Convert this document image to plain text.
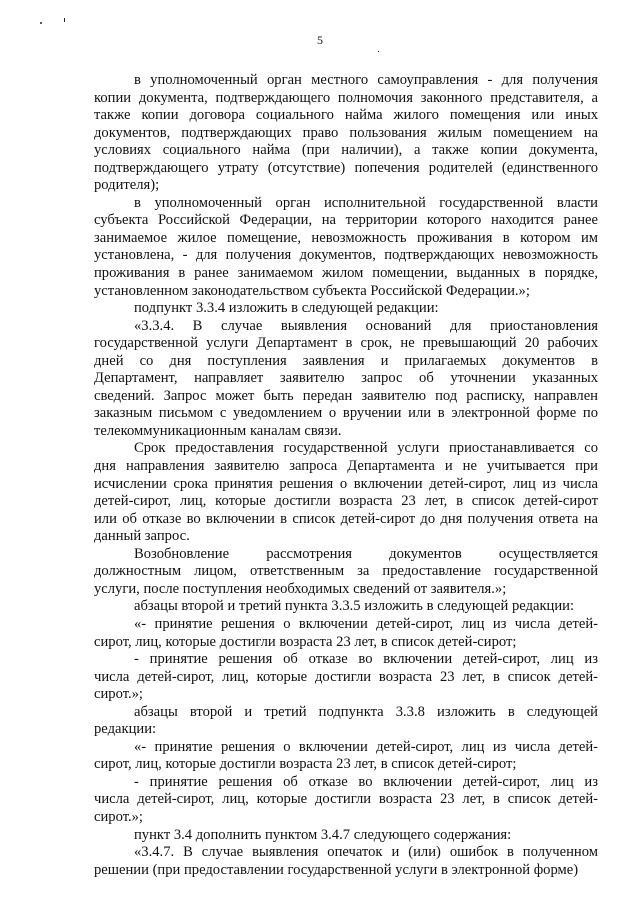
5
в уполномоченный орган местного самоуправления - для получения
копии документа, подтверждающего полномочия законного представителя, а
также копии договора социального найма жилого помещения или иных
документов, подтверждающих право пользования жилым помещением на
условиях социального найма (при наличии), а также копии документа,
подтверждающего утрату (отсутствие) попечения родителей (единственного
родителя);
в уполномоченный орган исполнительной государственной власти
субъекта Российской Федерации, на территории которого находится ранее
занимаемое жилое помещение, невозможность проживания в котором им
установлена, - для получения документов, подтверждающих невозможность
проживания в ранее занимаемом жилом помещении, выданных в порядке,
установленном законодательством субъекта Российской Федерации.»;
подпункт 3.3.4 изложить в следующей редакции:
«3.3.4. В случае выявления оснований для приостановления
государственной услуги Департамент в срок, не превышающий 20 рабочих
дней со дня поступления заявления и прилагаемых документов в
Департамент, направляет заявителю запрос об уточнении указанных
сведений. Запрос может быть передан заявителю под расписку, направлен
заказным письмом с уведомлением о вручении или в электронной форме по
телекоммуникационным каналам связи.
Срок предоставления государственной услуги приостанавливается со
дня направления заявителю запроса Департамента и не учитывается при
исчислении срока принятия решения о включении детей-сирот, лиц из числа
детей-сирот, лиц, которые достигли возраста 23 лет, в список детей-сирот
или об отказе во включении в список детей-сирот до дня получения ответа на
данный запрос.
Возобновление рассмотрения документов осуществляется
должностным лицом, ответственным за предоставление государственной
услуги, после поступления необходимых сведений от заявителя.»;
абзацы второй и третий пункта 3.3.5 изложить в следующей редакции:
«- принятие решения о включении детей-сирот, лиц из числа детей-
сирот, лиц, которые достигли возраста 23 лет, в список детей-сирот;
- принятие решения об отказе во включении детей-сирот, лиц из
числа детей-сирот, лиц, которые достигли возраста 23 лет, в список детей-
сирот.»;
абзацы второй и третий подпункта 3.3.8 изложить в следующей
редакции:
«- принятие решения о включении детей-сирот, лиц из числа детей-
сирот, лиц, которые достигли возраста 23 лет, в список детей-сирот;
- принятие решения об отказе во включении детей-сирот, лиц из
числа детей-сирот, лиц, которые достигли возраста 23 лет, в список детей-
сирот.»;
пункт 3.4 дополнить пунктом 3.4.7 следующего содержания:
«3.4.7. В случае выявления опечаток и (или) ошибок в полученном
решении (при предоставлении государственной услуги в электронной форме)
